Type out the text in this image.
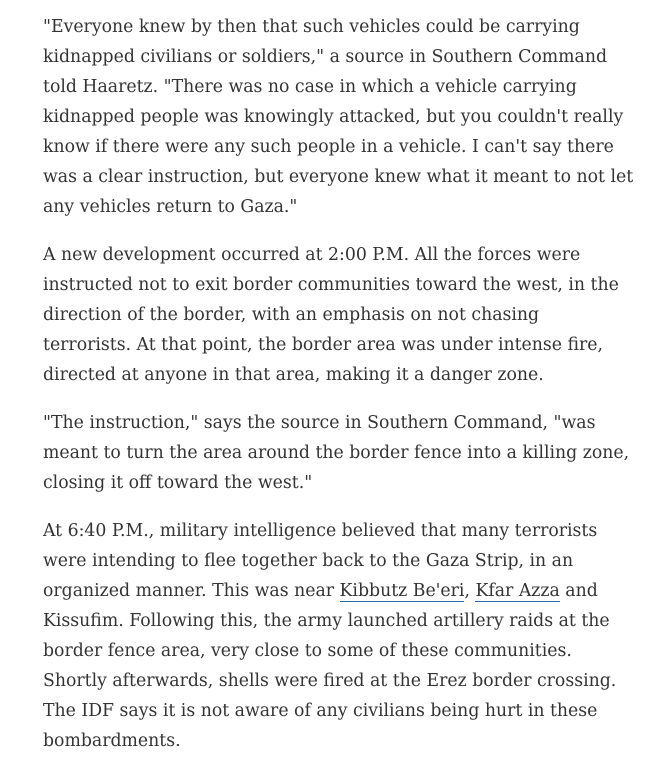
"Everyone knew by then that such vehicles could be carrying
kidnapped civilians or soldiers," a source in Southern Command
told Haaretz. "There was no case in which a vehicle carrying
kidnapped people was knowingly attacked, but you couldn't really
know if there were any such people in a vehicle. I can't say there
was a clear instruction, but everyone knew what it meant to not let
any vehicles return to Gaza."

A new development occurred at 2:00 P.M. All the forces were
instructed not to exit border communities toward the west, in the
direction of the border, with an emphasis on not chasing
terrorists. At that point, the border area was under intense fire,
directed at anyone in that area, making it a danger zone.

"The instruction," says the source in Southern Command, "was
meant to turn the area around the border fence into a killing zone,
closing it off toward the west."

At 6:40 P.M., military intelligence believed that many terrorists
were intending to flee together back to the Gaza Strip, in an
organized manner. This was near Kibbutz Be'eri, Kfar Azza and
Kissufim. Following this, the army launched artillery raids at the
border fence area, very close to some of these communities.
Shortly afterwards, shells were fired at the Erez border crossing.
The IDF says it is not aware of any civilians being hurt in these
bombardments.
